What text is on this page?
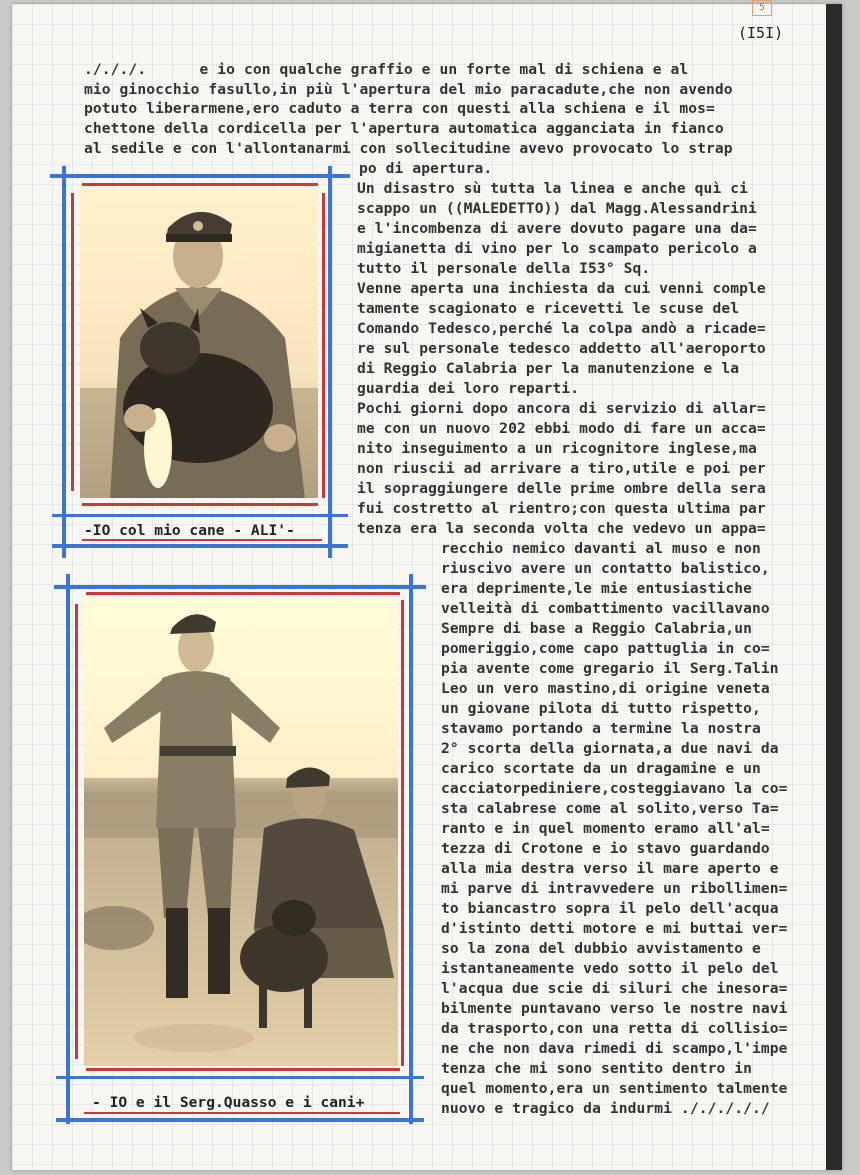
5
(I5I)
./././.      e io con qualche graffio e un forte mal di schiena e al
mio ginocchio fasullo,in più l'apertura del mio paracadute,che non avendo
potuto liberarmene,ero caduto a terra con questi alla schiena e il mos=
chettone della cordicella per l'apertura automatica agganciata in fianco
al sedile e con l'allontanarmi con sollecitudine avevo provocato lo strap
po di apertura.
Un disastro sù tutta la linea e anche quì ci
scappo un ((MALEDETTO)) dal Magg.Alessandrini
e l'incombenza di avere dovuto pagare una da=
migianetta di vino per lo scampato pericolo a
tutto il personale della I53° Sq.
Venne aperta una inchiesta da cui venni comple
tamente scagionato e ricevetti le scuse del
Comando Tedesco,perché la colpa andò a ricade=
re sul personale tedesco addetto all'aeroporto
di Reggio Calabria per la manutenzione e la
guardia dei loro reparti.
Pochi giorni dopo ancora di servizio di allar=
me con un nuovo 202 ebbi modo di fare un acca=
nito inseguimento a un ricognitore inglese,ma
non riuscii ad arrivare a tiro,utile e poi per
il sopraggiungere delle prime ombre della sera
fui costretto al rientro;con questa ultima par
tenza era la seconda volta che vedevo un appa=
recchio nemico davanti al muso e non
riuscivo avere un contatto balistico,
era deprimente,le mie entusiastiche
velleità di combattimento vacillavano
Sempre di base a Reggio Calabria,un
pomeriggio,come capo pattuglia in co=
pia avente come gregario il Serg.Talin
Leo un vero mastino,di origine veneta
un giovane pilota di tutto rispetto,
stavamo portando a termine la nostra
2° scorta della giornata,a due navi da
carico scortate da un dragamine e un
cacciatorpediniere,costeggiavano la co=
sta calabrese come al solito,verso Ta=
ranto e in quel momento eramo all'al=
tezza di Crotone e io stavo guardando
alla mia destra verso il mare aperto e
mi parve di intravvedere un ribollimen=
to biancastro sopra il pelo dell'acqua
d'istinto detti motore e mi buttai ver=
so la zona del dubbio avvistamento e
istantaneamente vedo sotto il pelo del
l'acqua due scie di siluri che inesora=
bilmente puntavano verso le nostre navi
da trasporto,con una retta di collisio=
ne che non dava rimedi di scampo,l'impe
tenza che mi sono sentito dentro in
quel momento,era un sentimento talmente
nuovo e tragico da indurmi ./././././
-IO col mio cane - ALI'-
- IO e il Serg.Quasso e i cani+
